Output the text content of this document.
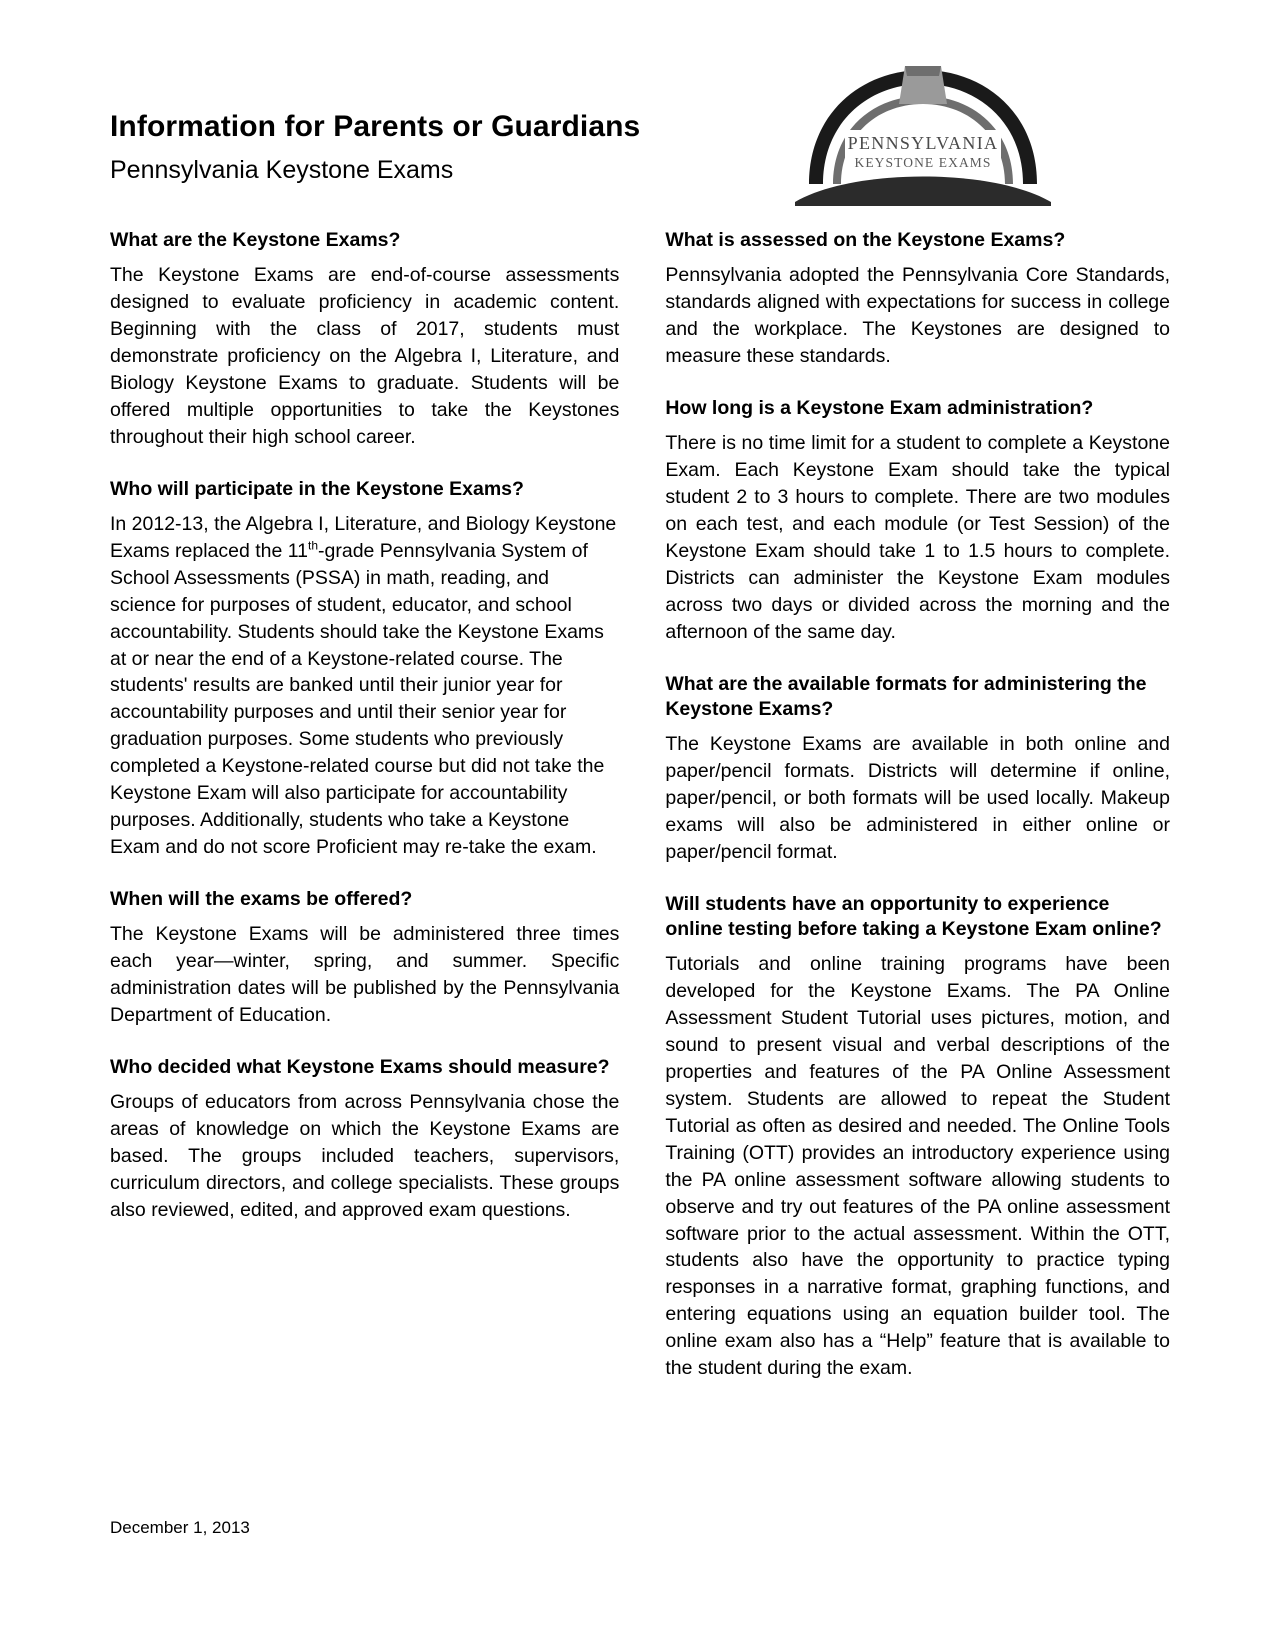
Information for Parents or Guardians
Pennsylvania Keystone Exams
PENNSYLVANIA
KEYSTONE EXAMS
What are the Keystone Exams?

The Keystone Exams are end-of-course assessments designed to evaluate proficiency in academic content. Beginning with the class of 2017, students must demonstrate proficiency on the Algebra I, Literature, and Biology Keystone Exams to graduate. Students will be offered multiple opportunities to take the Keystones throughout their high school career.

Who will participate in the Keystone Exams?

In 2012-13, the Algebra I, Literature, and Biology Keystone Exams replaced the 11th-grade Pennsylvania System of School Assessments (PSSA) in math, reading, and science for purposes of student, educator, and school accountability. Students should take the Keystone Exams at or near the end of a Keystone-related course. The students' results are banked until their junior year for accountability purposes and until their senior year for graduation purposes. Some students who previously completed a Keystone-related course but did not take the Keystone Exam will also participate for accountability purposes. Additionally, students who take a Keystone Exam and do not score Proficient may re-take the exam.

When will the exams be offered?

The Keystone Exams will be administered three times each year—winter, spring, and summer. Specific administration dates will be published by the Pennsylvania Department of Education.

Who decided what Keystone Exams should measure?

Groups of educators from across Pennsylvania chose the areas of knowledge on which the Keystone Exams are based. The groups included teachers, supervisors, curriculum directors, and college specialists. These groups also reviewed, edited, and approved exam questions.

What is assessed on the Keystone Exams?

Pennsylvania adopted the Pennsylvania Core Standards, standards aligned with expectations for success in college and the workplace. The Keystones are designed to measure these standards.

How long is a Keystone Exam administration?

There is no time limit for a student to complete a Keystone Exam. Each Keystone Exam should take the typical student 2 to 3 hours to complete. There are two modules on each test, and each module (or Test Session) of the Keystone Exam should take 1 to 1.5 hours to complete. Districts can administer the Keystone Exam modules across two days or divided across the morning and the afternoon of the same day.

What are the available formats for administering the Keystone Exams?

The Keystone Exams are available in both online and paper/pencil formats. Districts will determine if online, paper/pencil, or both formats will be used locally. Makeup exams will also be administered in either online or paper/pencil format.

Will students have an opportunity to experience online testing before taking a Keystone Exam online?

Tutorials and online training programs have been developed for the Keystone Exams. The PA Online Assessment Student Tutorial uses pictures, motion, and sound to present visual and verbal descriptions of the properties and features of the PA Online Assessment system. Students are allowed to repeat the Student Tutorial as often as desired and needed. The Online Tools Training (OTT) provides an introductory experience using the PA online assessment software allowing students to observe and try out features of the PA online assessment software prior to the actual assessment. Within the OTT, students also have the opportunity to practice typing responses in a narrative format, graphing functions, and entering equations using an equation builder tool. The online exam also has a “Help” feature that is available to the student during the exam.

December 1, 2013
